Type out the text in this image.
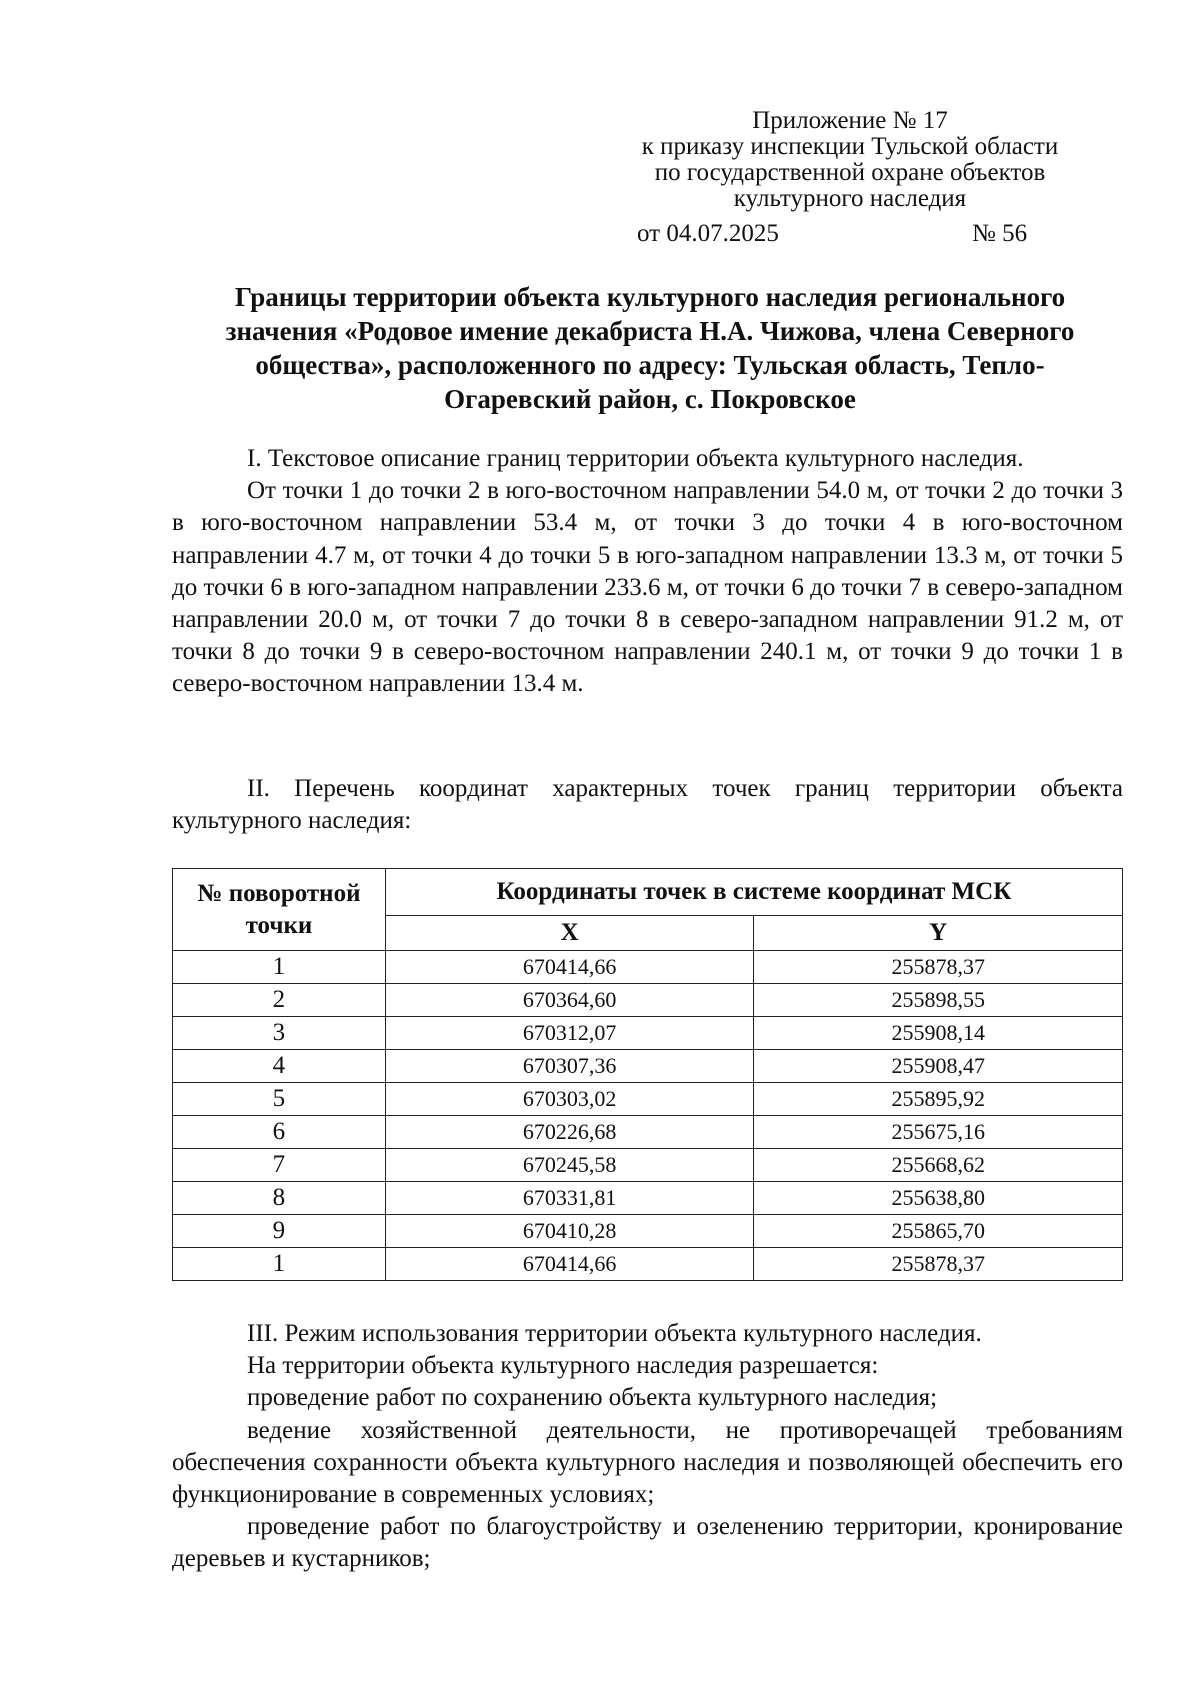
Приложение № 17
к приказу инспекции Тульской области
по государственной охране объектов
культурного наследия
от 04.07.2025	№ 56
Границы территории объекта культурного наследия регионального
значения «Родовое имение декабриста Н.А. Чижова, члена Северного
общества», расположенного по адресу: Тульская область, Тепло-
Огаревский район, с. Покровское
I. Текстовое описание границ территории объекта культурного наследия.
От точки 1 до точки 2 в юго-восточном направлении 54.0 м, от точки 2 до точки 3 в юго-восточном направлении 53.4 м, от точки 3 до точки 4 в юго-восточном направлении 4.7 м, от точки 4 до точки 5 в юго-западном направлении 13.3 м, от точки 5 до точки 6 в юго-западном направлении 233.6 м, от точки 6 до точки 7 в северо-западном направлении 20.0 м, от точки 7 до точки 8 в северо-западном направлении 91.2 м, от точки 8 до точки 9 в северо-восточном направлении 240.1 м, от точки 9 до точки 1 в северо-восточном направлении 13.4 м.
II. Перечень координат характерных точек границ территории объекта культурного наследия:
№ поворотной точки	Координаты точек в системе координат МСК	
	X	Y
1	670414,66	255878,37
2	670364,60	255898,55
3	670312,07	255908,14
4	670307,36	255908,47
5	670303,02	255895,92
6	670226,68	255675,16
7	670245,58	255668,62
8	670331,81	255638,80
9	670410,28	255865,70
1	670414,66	255878,37
III. Режим использования территории объекта культурного наследия.
На территории объекта культурного наследия разрешается:
проведение работ по сохранению объекта культурного наследия;
ведение хозяйственной деятельности, не противоречащей требованиям обеспечения сохранности объекта культурного наследия и позволяющей обеспечить его функционирование в современных условиях;
проведение работ по благоустройству и озеленению территории, кронирование деревьев и кустарников;
